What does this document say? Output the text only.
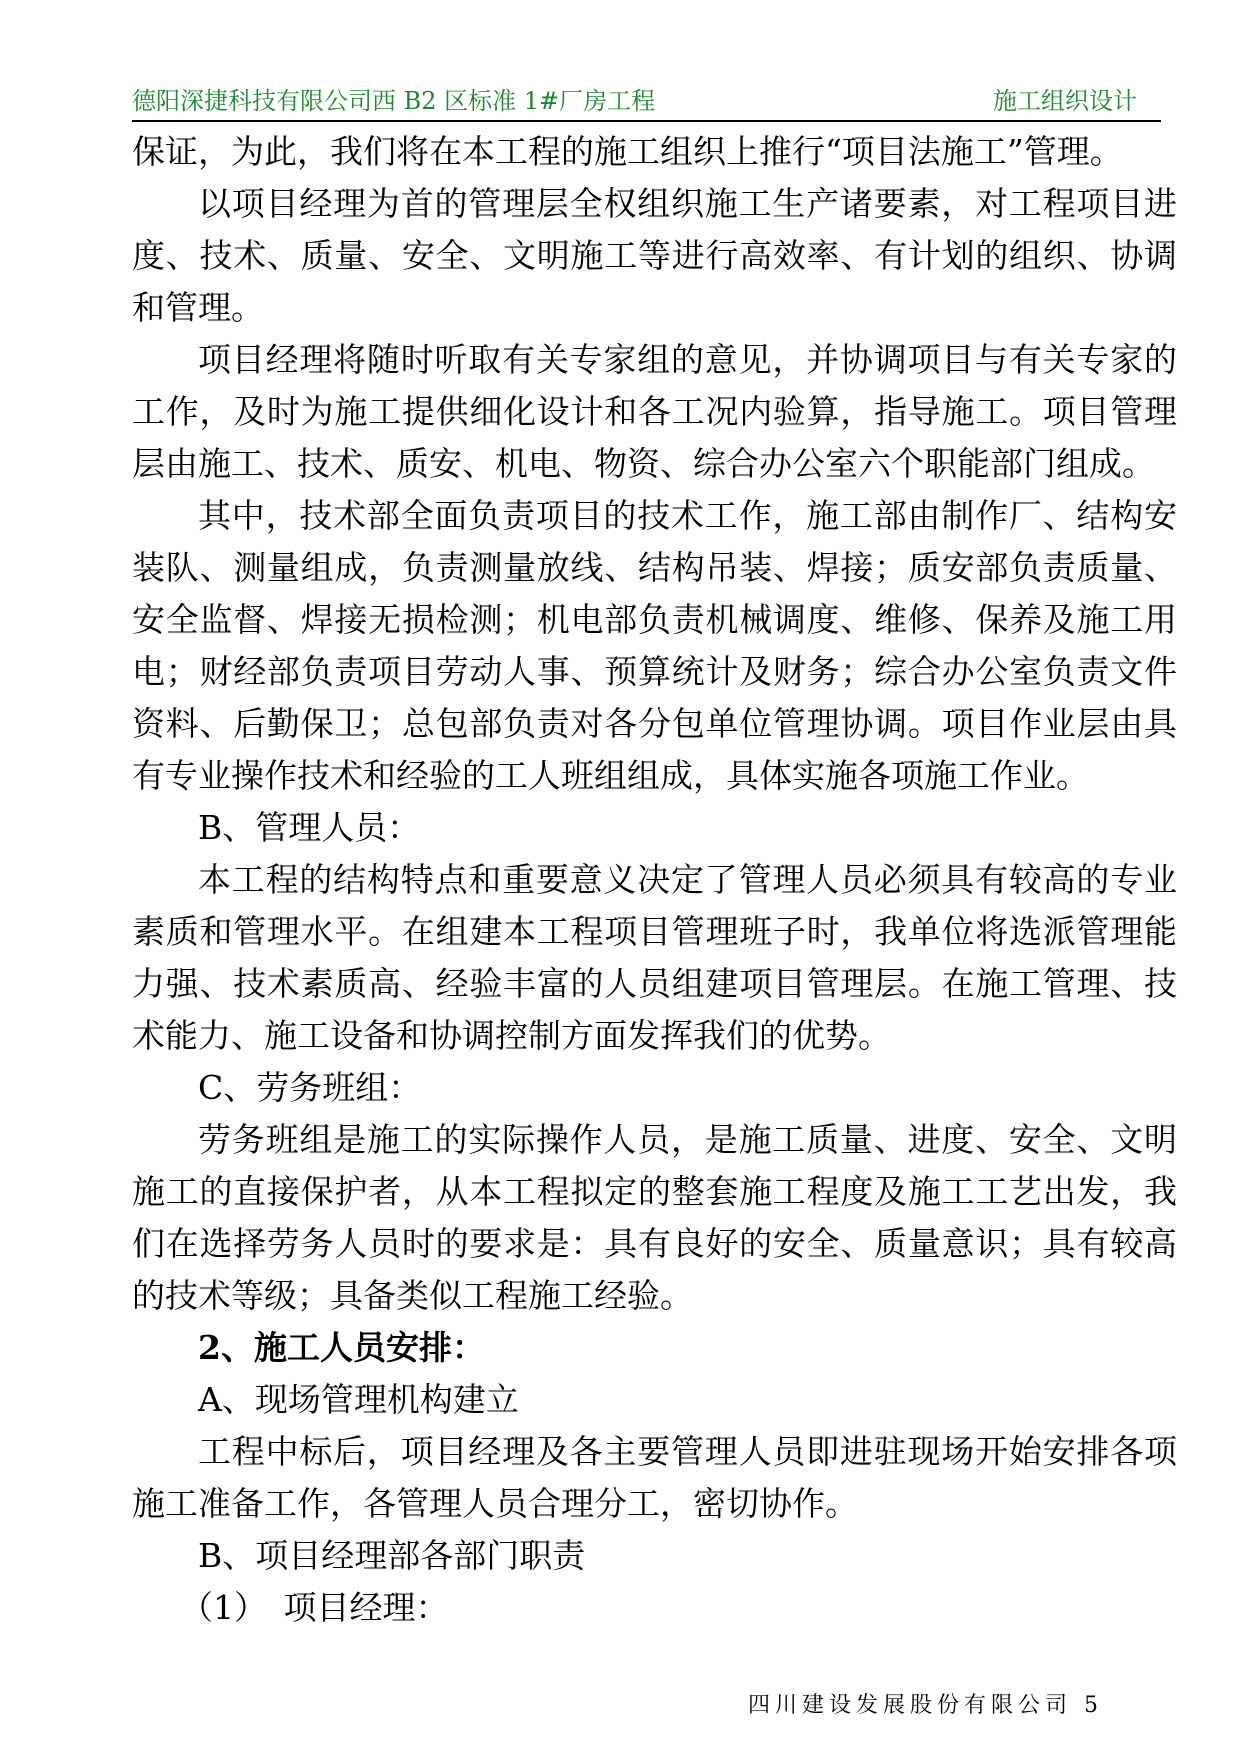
德阳深捷科技有限公司西 B2 区标准 1#厂房工程	施工组织设计

保证，为此，我们将在本工程的施工组织上推行“项目法施工”管理。

以项目经理为首的管理层全权组织施工生产诸要素，对工程项目进度、技术、质量、安全、文明施工等进行高效率、有计划的组织、协调和管理。

项目经理将随时听取有关专家组的意见，并协调项目与有关专家的工作，及时为施工提供细化设计和各工况内验算，指导施工。项目管理层由施工、技术、质安、机电、物资、综合办公室六个职能部门组成。

其中，技术部全面负责项目的技术工作，施工部由制作厂、结构安装队、测量组成，负责测量放线、结构吊装、焊接；质安部负责质量、安全监督、焊接无损检测；机电部负责机械调度、维修、保养及施工用电；财经部负责项目劳动人事、预算统计及财务；综合办公室负责文件资料、后勤保卫；总包部负责对各分包单位管理协调。项目作业层由具有专业操作技术和经验的工人班组组成，具体实施各项施工作业。

B、管理人员：

本工程的结构特点和重要意义决定了管理人员必须具有较高的专业素质和管理水平。在组建本工程项目管理班子时，我单位将选派管理能力强、技术素质高、经验丰富的人员组建项目管理层。在施工管理、技术能力、施工设备和协调控制方面发挥我们的优势。

C、劳务班组：

劳务班组是施工的实际操作人员，是施工质量、进度、安全、文明施工的直接保护者，从本工程拟定的整套施工程度及施工工艺出发，我们在选择劳务人员时的要求是：具有良好的安全、质量意识；具有较高的技术等级；具备类似工程施工经验。

2、施工人员安排：

A、现场管理机构建立

工程中标后，项目经理及各主要管理人员即进驻现场开始安排各项施工准备工作，各管理人员合理分工，密切协作。

B、项目经理部各部门职责

（1）　项目经理：

四川建设发展股份有限公司 5
